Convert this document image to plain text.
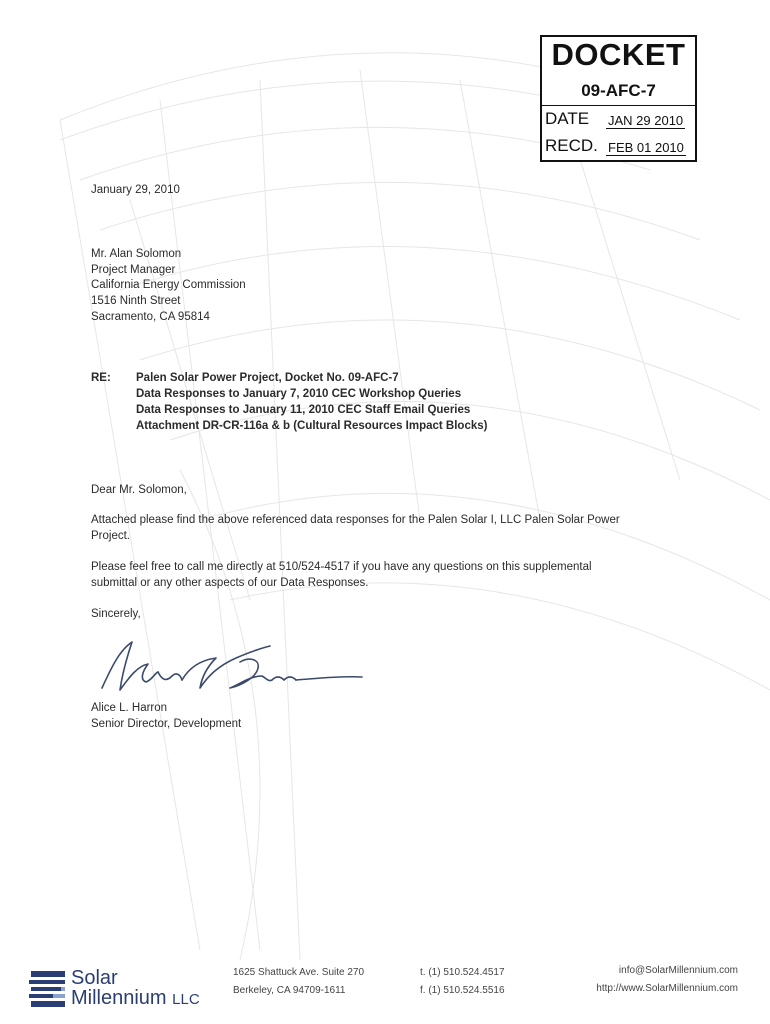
DOCKET
09-AFC-7
DATE JAN 29 2010
RECD. FEB 01 2010
January 29, 2010
Mr. Alan Solomon
Project Manager
California Energy Commission
1516 Ninth Street
Sacramento, CA 95814
RE: Palen Solar Power Project, Docket No. 09-AFC-7
Data Responses to January 7, 2010 CEC Workshop Queries
Data Responses to January 11, 2010 CEC Staff Email Queries
Attachment DR-CR-116a & b (Cultural Resources Impact Blocks)
Dear Mr. Solomon,
Attached please find the above referenced data responses for the Palen Solar I, LLC Palen Solar Power
Project.
Please feel free to call me directly at 510/524-4517 if you have any questions on this supplemental
submittal or any other aspects of our Data Responses.
Sincerely,
Alice L. Harron
Senior Director, Development
Solar
Millennium LLC
1625 Shattuck Ave. Suite 270
Berkeley, CA 94709-1611
t. (1) 510.524.4517
f. (1) 510.524.5516
info@SolarMillennium.com
http://www.SolarMillennium.com
